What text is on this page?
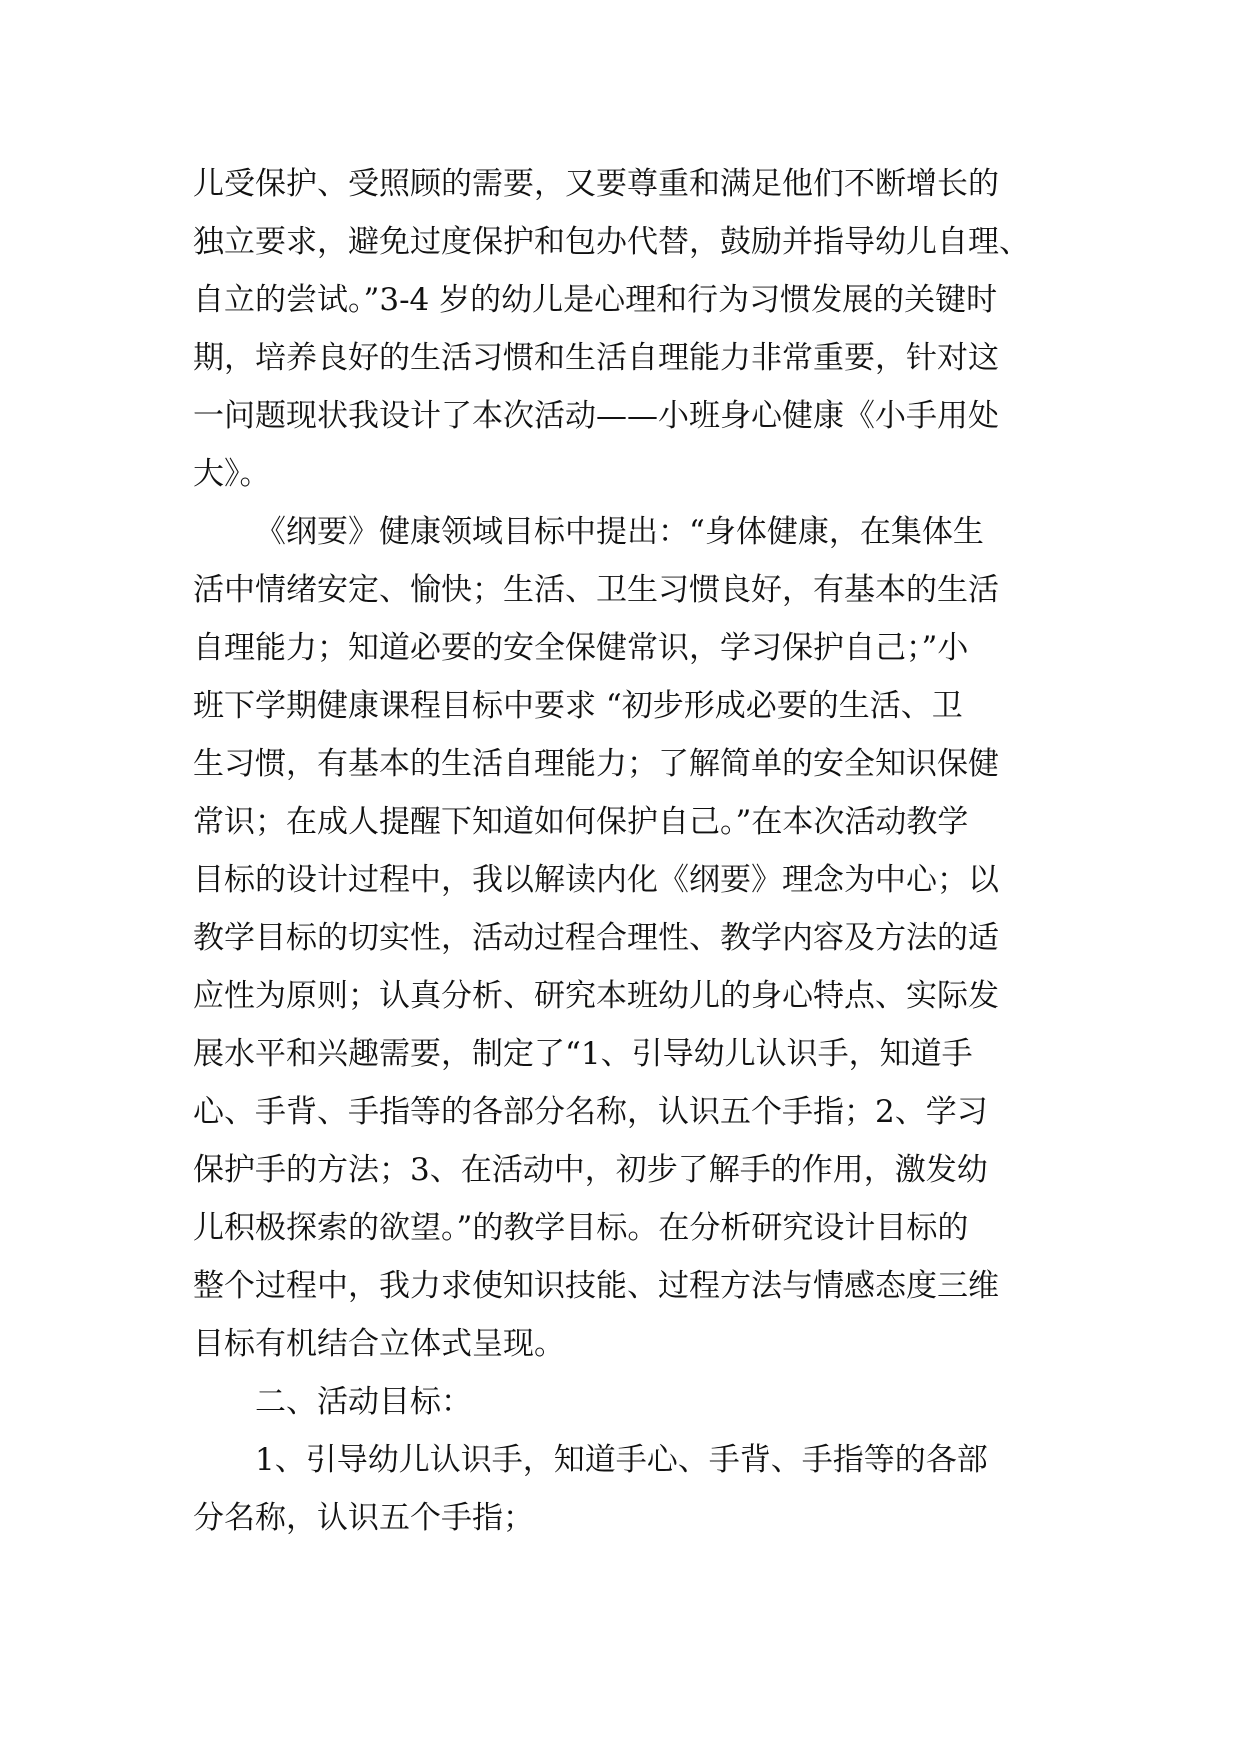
儿受保护、受照顾的需要，又要尊重和满足他们不断增长的
独立要求，避免过度保护和包办代替，鼓励并指导幼儿自理、
自立的尝试。”3-4 岁的幼儿是心理和行为习惯发展的关键时
期，培养良好的生活习惯和生活自理能力非常重要，针对这
一问题现状我设计了本次活动——小班身心健康《小手用处
大》。
《纲要》健康领域目标中提出：“身体健康，在集体生
活中情绪安定、愉快；生活、卫生习惯良好，有基本的生活
自理能力；知道必要的安全保健常识，学习保护自己；”小
班下学期健康课程目标中要求 “初步形成必要的生活、卫
生习惯，有基本的生活自理能力；了解简单的安全知识保健
常识；在成人提醒下知道如何保护自己。”在本次活动教学
目标的设计过程中，我以解读内化《纲要》理念为中心；以
教学目标的切实性，活动过程合理性、教学内容及方法的适
应性为原则；认真分析、研究本班幼儿的身心特点、实际发
展水平和兴趣需要，制定了“1、引导幼儿认识手，知道手
心、手背、手指等的各部分名称，认识五个手指；2、学习
保护手的方法；3、在活动中，初步了解手的作用，激发幼
儿积极探索的欲望。”的教学目标。在分析研究设计目标的
整个过程中，我力求使知识技能、过程方法与情感态度三维
目标有机结合立体式呈现。
二、活动目标：
1、引导幼儿认识手，知道手心、手背、手指等的各部
分名称，认识五个手指；
